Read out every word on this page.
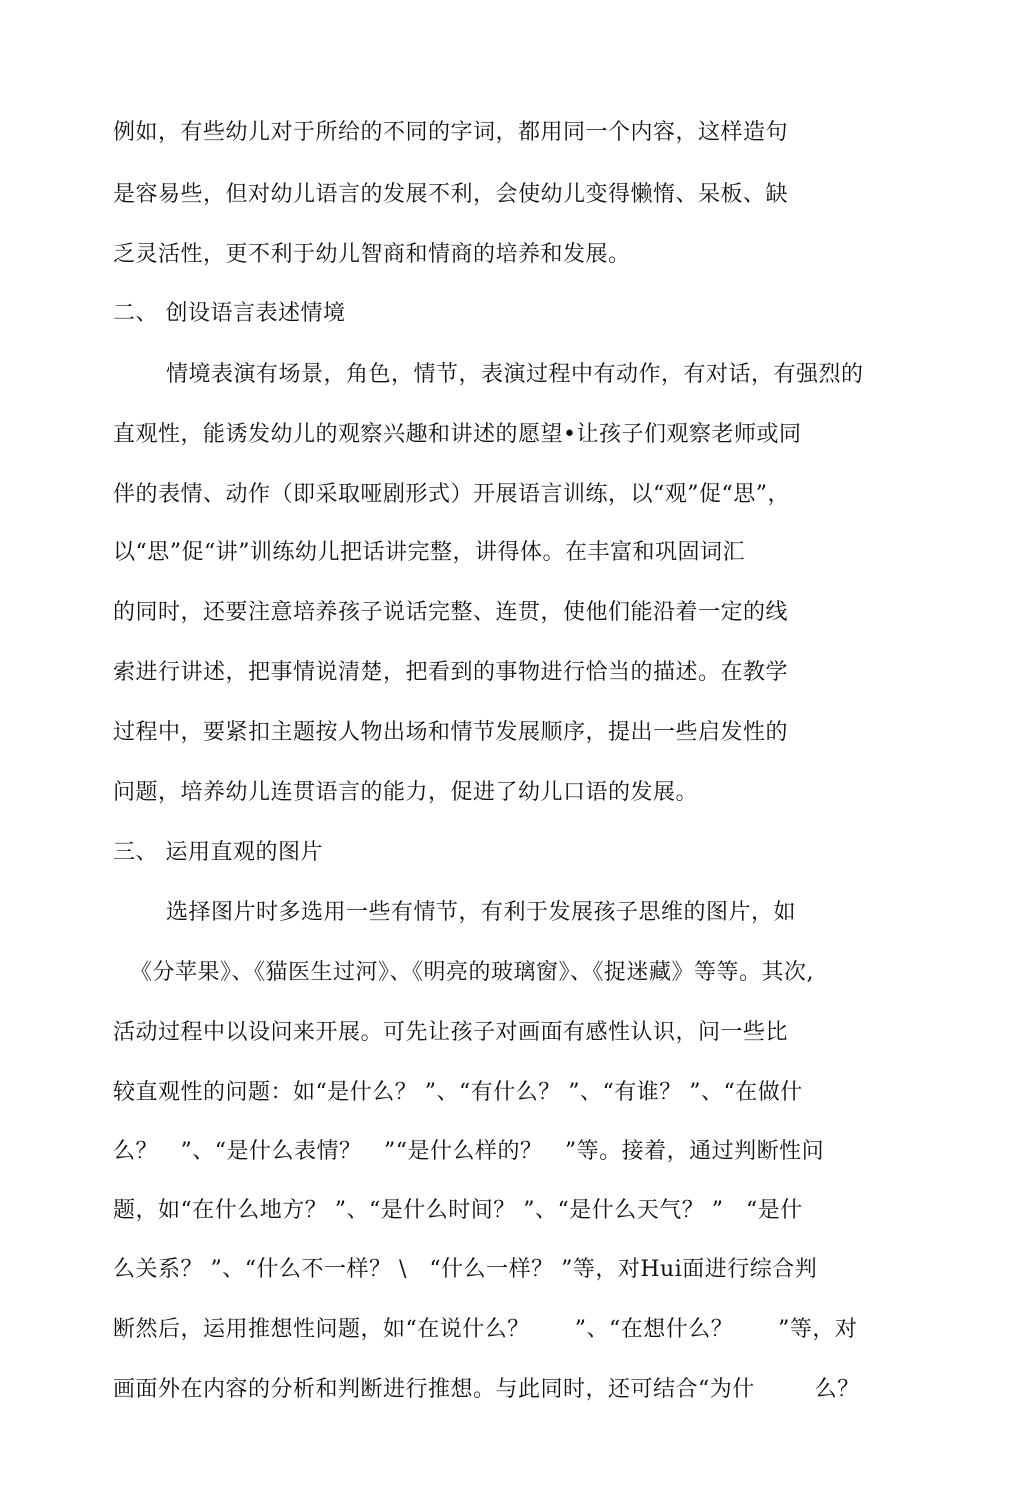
例如，有些幼儿对于所给的不同的字词，都用同一个内容，这样造句
是容易些，但对幼儿语言的发展不利，会使幼儿变得懒惰、呆板、缺
乏灵活性，更不利于幼儿智商和情商的培养和发展。
二、 创设语言表述情境
情境表演有场景，角色，情节，表演过程中有动作，有对话，有强烈的
直观性，能诱发幼儿的观察兴趣和讲述的愿望•让孩子们观察老师或同
伴的表情、动作（即采取哑剧形式）开展语言训练，以“观”促“思”，
以“思”促“讲”训练幼儿把话讲完整，讲得体。在丰富和巩固词汇
的同时，还要注意培养孩子说话完整、连贯，使他们能沿着一定的线
索进行讲述，把事情说清楚，把看到的事物进行恰当的描述。在教学
过程中，要紧扣主题按人物出场和情节发展顺序，提出一些启发性的
问题，培养幼儿连贯语言的能力，促进了幼儿口语的发展。
三、 运用直观的图片
选择图片时多选用一些有情节，有利于发展孩子思维的图片，如
《分苹果》、《猫医生过河》、《明亮的玻璃窗》、《捉迷藏》等等。其次,
活动过程中以设问来开展。可先让孩子对画面有感性认识，问一些比
较直观性的问题：如“是什么？ ”、“有什么？ ”、“有谁？ ”、“在做什
么？   ”、“是什么表情？   ”“是什么样的？   ”等。接着，通过判断性问
题，如“在什么地方？ ”、“是什么时间？ ”、“是什么天气？ ”   “是什
么关系？ ”、“什么不一样？ \   “什么一样？ ”等，对Hui面进行综合判
断然后，运用推想性问题，如“在说什么？      ”、“在想什么？      ”等，对
画面外在内容的分析和判断进行推想。与此同时，还可结合“为什        么？
